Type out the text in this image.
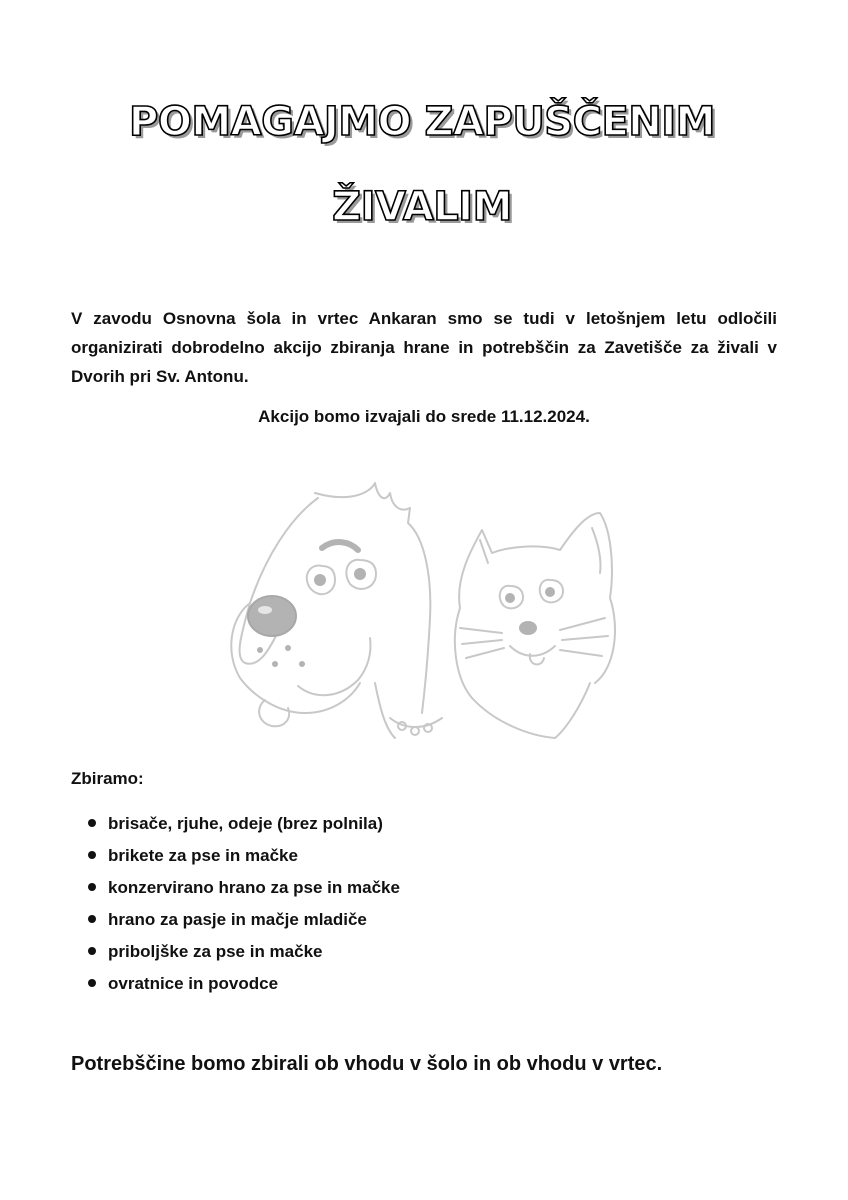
POMAGAJMO ZAPUŠČENIM
ŽIVALIM

V zavodu Osnovna šola in vrtec Ankaran smo se tudi v letošnjem letu odločili organizirati dobrodelno akcijo zbiranja hrane in potrebščin za Zavetišče za živali v Dvorih pri Sv. Antonu.

Akcijo bomo izvajali do srede 11.12.2024.

Zbiramo:

brisače, rjuhe, odeje (brez polnila)
brikete za pse in mačke
konzervirano hrano za pse in mačke
hrano za pasje in mačje mladiče
priboljške za pse in mačke
ovratnice in povodce

Potrebščine bomo zbirali ob vhodu v šolo in ob vhodu v vrtec.
